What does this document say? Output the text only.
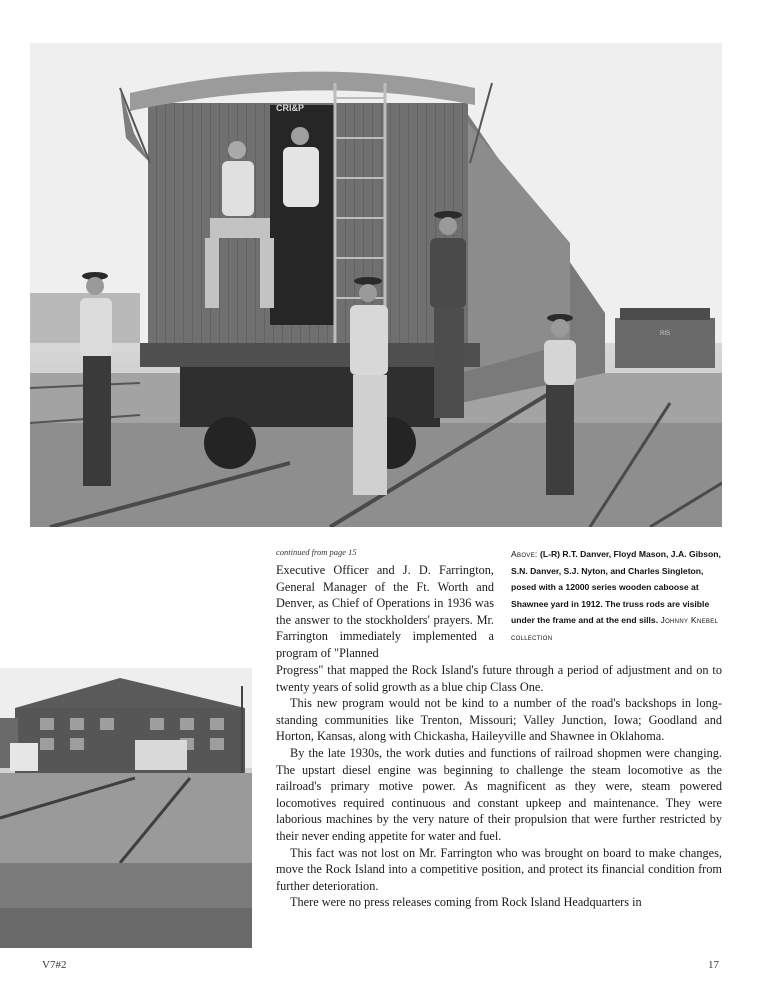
CRI&P
RIS
Above: (L-R) R.T. Danver, Floyd Mason, J.A. Gibson, S.N. Danver, S.J. Nyton, and Charles Singleton, posed with a 12000 series wooden caboose at Shawnee yard in 1912. The truss rods are visible under the frame and at the end sills. Johnny Knebel collection
continued from page 15

Executive Officer and J. D. Farrington, General Manager of the Ft. Worth and Denver, as Chief of Operations in 1936 was the answer to the stockholders' prayers. Mr. Farrington immediately implemented a program of "Planned

Progress" that mapped the Rock Island's future through a period of adjustment and on to twenty years of solid growth as a blue chip Class One.

This new program would not be kind to a number of the road's backshops in long-standing communities like Trenton, Missouri; Valley Junction, Iowa; Goodland and Horton, Kansas, along with Chickasha, Haileyville and Shawnee in Oklahoma.

By the late 1930s, the work duties and functions of railroad shopmen were changing. The upstart diesel engine was beginning to challenge the steam locomotive as the railroad's primary motive power. As magnificent as they were, steam powered locomotives required continuous and constant upkeep and maintenance. They were laborious machines by the very nature of their propulsion that were further restricted by their never ending appetite for water and fuel.

This fact was not lost on Mr. Farrington who was brought on board to make changes, move the Rock Island into a competitive position, and protect its financial condition from further deterioration.

There were no press releases coming from Rock Island Headquarters in

V7#2	17
